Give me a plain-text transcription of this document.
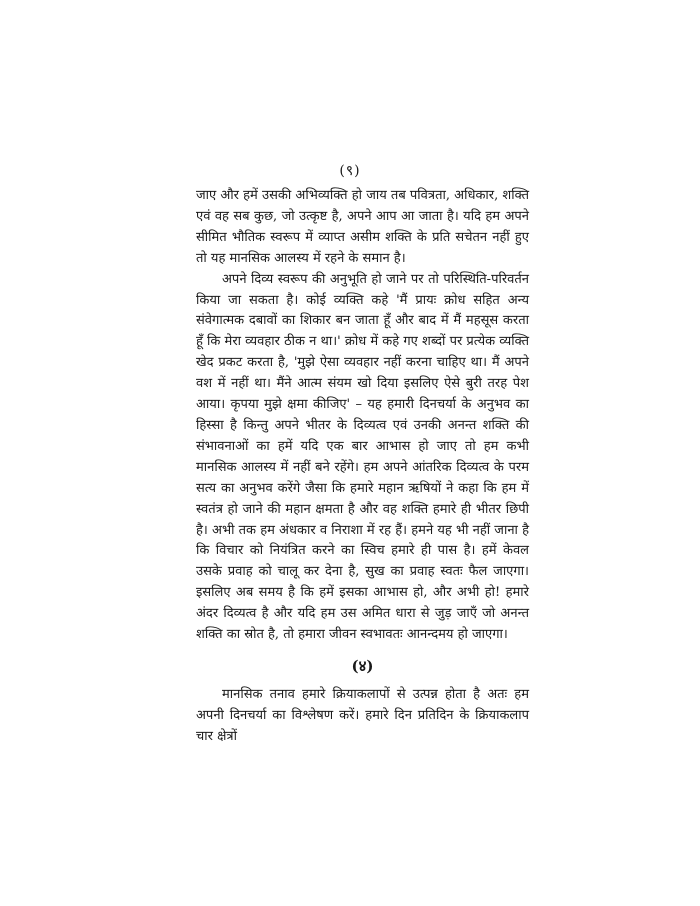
(९)

जाए और हमें उसकी अभिव्यक्ति हो जाय तब पवित्रता, अधिकार, शक्ति एवं वह सब कुछ, जो उत्कृष्ट है, अपने आप आ जाता है। यदि हम अपने सीमित भौतिक स्वरूप में व्याप्त असीम शक्ति के प्रति सचेतन नहीं हुए तो यह मानसिक आलस्य में रहने के समान है।

अपने दिव्य स्वरूप की अनुभूति हो जाने पर तो परिस्थिति-परिवर्तन किया जा सकता है। कोई व्यक्ति कहे 'मैं प्रायः क्रोध सहित अन्य संवेगात्मक दबावों का शिकार बन जाता हूँ और बाद में मैं महसूस करता हूँ कि मेरा व्यवहार ठीक न था।' क्रोध में कहे गए शब्दों पर प्रत्येक व्यक्ति खेद प्रकट करता है, 'मुझे ऐसा व्यवहार नहीं करना चाहिए था। मैं अपने वश में नहीं था। मैंने आत्म संयम खो दिया इसलिए ऐसे बुरी तरह पेश आया। कृपया मुझे क्षमा कीजिए' – यह हमारी दिनचर्या के अनुभव का हिस्सा है किन्तु अपने भीतर के दिव्यत्व एवं उनकी अनन्त शक्ति की संभावनाओं का हमें यदि एक बार आभास हो जाए तो हम कभी मानसिक आलस्य में नहीं बने रहेंगे। हम अपने आंतरिक दिव्यत्व के परम सत्य का अनुभव करेंगे जैसा कि हमारे महान ऋषियों ने कहा कि हम में स्वतंत्र हो जाने की महान क्षमता है और वह शक्ति हमारे ही भीतर छिपी है। अभी तक हम अंधकार व निराशा में रह हैं। हमने यह भी नहीं जाना है कि विचार को नियंत्रित करने का स्विच हमारे ही पास है। हमें केवल उसके प्रवाह को चालू कर देना है, सुख का प्रवाह स्वतः फैल जाएगा। इसलिए अब समय है कि हमें इसका आभास हो, और अभी हो! हमारे अंदर दिव्यत्व है और यदि हम उस अमित धारा से जुड़ जाएँ जो अनन्त शक्ति का स्रोत है, तो हमारा जीवन स्वभावतः आनन्दमय हो जाएगा।

(४)

मानसिक तनाव हमारे क्रियाकलापों से उत्पन्न होता है अतः हम अपनी दिनचर्या का विश्लेषण करें। हमारे दिन प्रतिदिन के क्रियाकलाप चार क्षेत्रों
